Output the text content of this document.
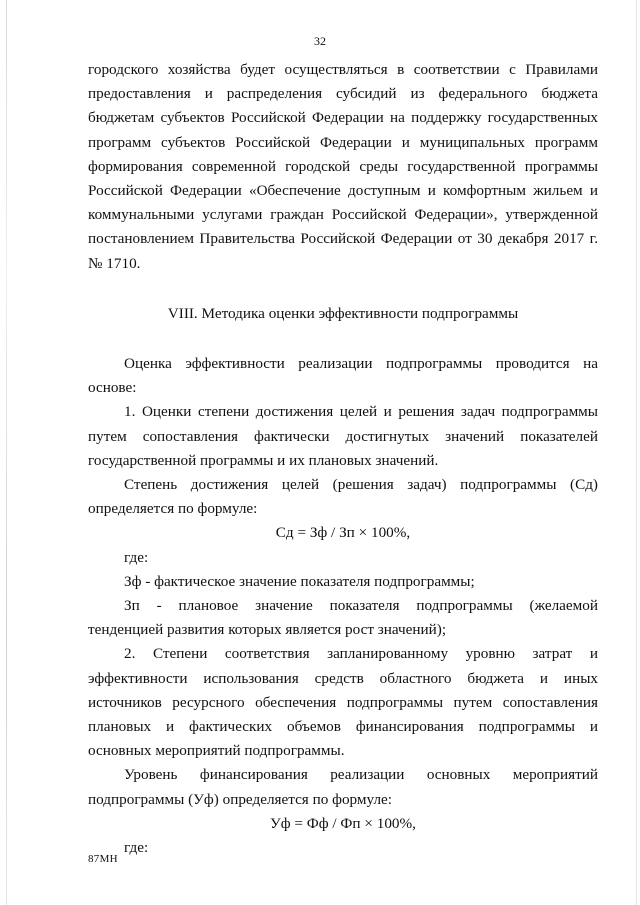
32

городского хозяйства будет осуществляться в соответствии с Правилами предоставления и распределения субсидий из федерального бюджета бюджетам субъектов Российской Федерации на поддержку государственных программ субъектов Российской Федерации и муниципальных программ формирования современной городской среды государственной программы Российской Федерации «Обеспечение доступным и комфортным жильем и коммунальными услугами граждан Российской Федерации», утвержденной постановлением Правительства Российской Федерации от 30 декабря 2017 г. № 1710.

VIII. Методика оценки эффективности подпрограммы

Оценка эффективности реализации подпрограммы проводится на основе:

1. Оценки степени достижения целей и решения задач подпрограммы путем сопоставления фактически достигнутых значений показателей государственной программы и их плановых значений.

Степень достижения целей (решения задач) подпрограммы (Сд) определяется по формуле:

Сд = Зф / Зп × 100%,

где:

Зф - фактическое значение показателя подпрограммы;

Зп - плановое значение показателя подпрограммы (желаемой тенденцией развития которых является рост значений);

2. Степени соответствия запланированному уровню затрат и эффективности использования средств областного бюджета и иных источников ресурсного обеспечения подпрограммы путем сопоставления плановых и фактических объемов финансирования подпрограммы и основных мероприятий подпрограммы.

Уровень финансирования реализации основных мероприятий подпрограммы (Уф) определяется по формуле:

Уф = Фф / Фп × 100%,

где:

87МН
